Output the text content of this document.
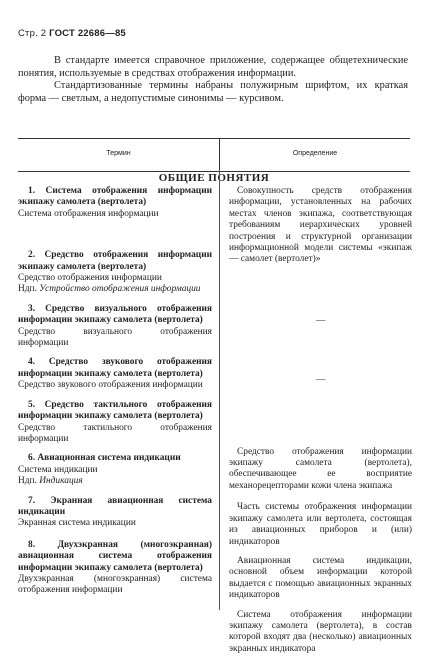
Стр. 2 ГОСТ 22686—85

В стандарте имеется справочное приложение, содержащее общетехнические понятия, используемые в средствах отображения информации.

Стандартизованные термины набраны полужирным шрифтом, их краткая форма — светлым, а недопустимые синонимы — курсивом.

Термин	Определение
ОБЩИЕ ПОНЯТИЯ
1. Система отображения информации экипажу самолета (вертолета)
Система отображения информации
2. Средство отображения информации экипажу самолета (вертолета)
Средство отображения информации
Ндп. Устройство отображения информации
3. Средство визуального отображения информации экипажу самолета (вертолета)
Средство визуального отображения информации
4. Средство звукового отображения информации экипажу самолета (вертолета)
Средство звукового отображения информации
5. Средство тактильного отображения информации экипажу самолета (вертолета)
Средство тактильного отображения информации
6. Авиационная система индикации
Система индикации
Ндп. Индикация
7. Экранная авиационная система индикации
Экранная система индикации
8. Двухэкранная (многоэкранная) авиационная система отображения информации экипажу самолета (вертолета)
Двухэкранная (многоэкранная) система отображения информации
Совокупность средств отображения информации, установленных на рабочих местах членов экипажа, соответствующая требованиям иерархических уровней построения и структурной организации информационной модели системы «экипаж — самолет (вертолет)»
—
—
Средство отображения информации экипажу самолета (вертолета), обеспечивающее ее восприятие механорецепторами кожи члена экипажа
Часть системы отображения информации экипажу самолета или вертолета, состоящая из авиационных приборов и (или) индикаторов
Авиационная система индикации, основной объем информации которой выдается с помощью авиационных экранных индикаторов
Система отображения информации экипажу самолета (вертолета), в состав которой входят два (несколько) авиационных экранных индикатора
